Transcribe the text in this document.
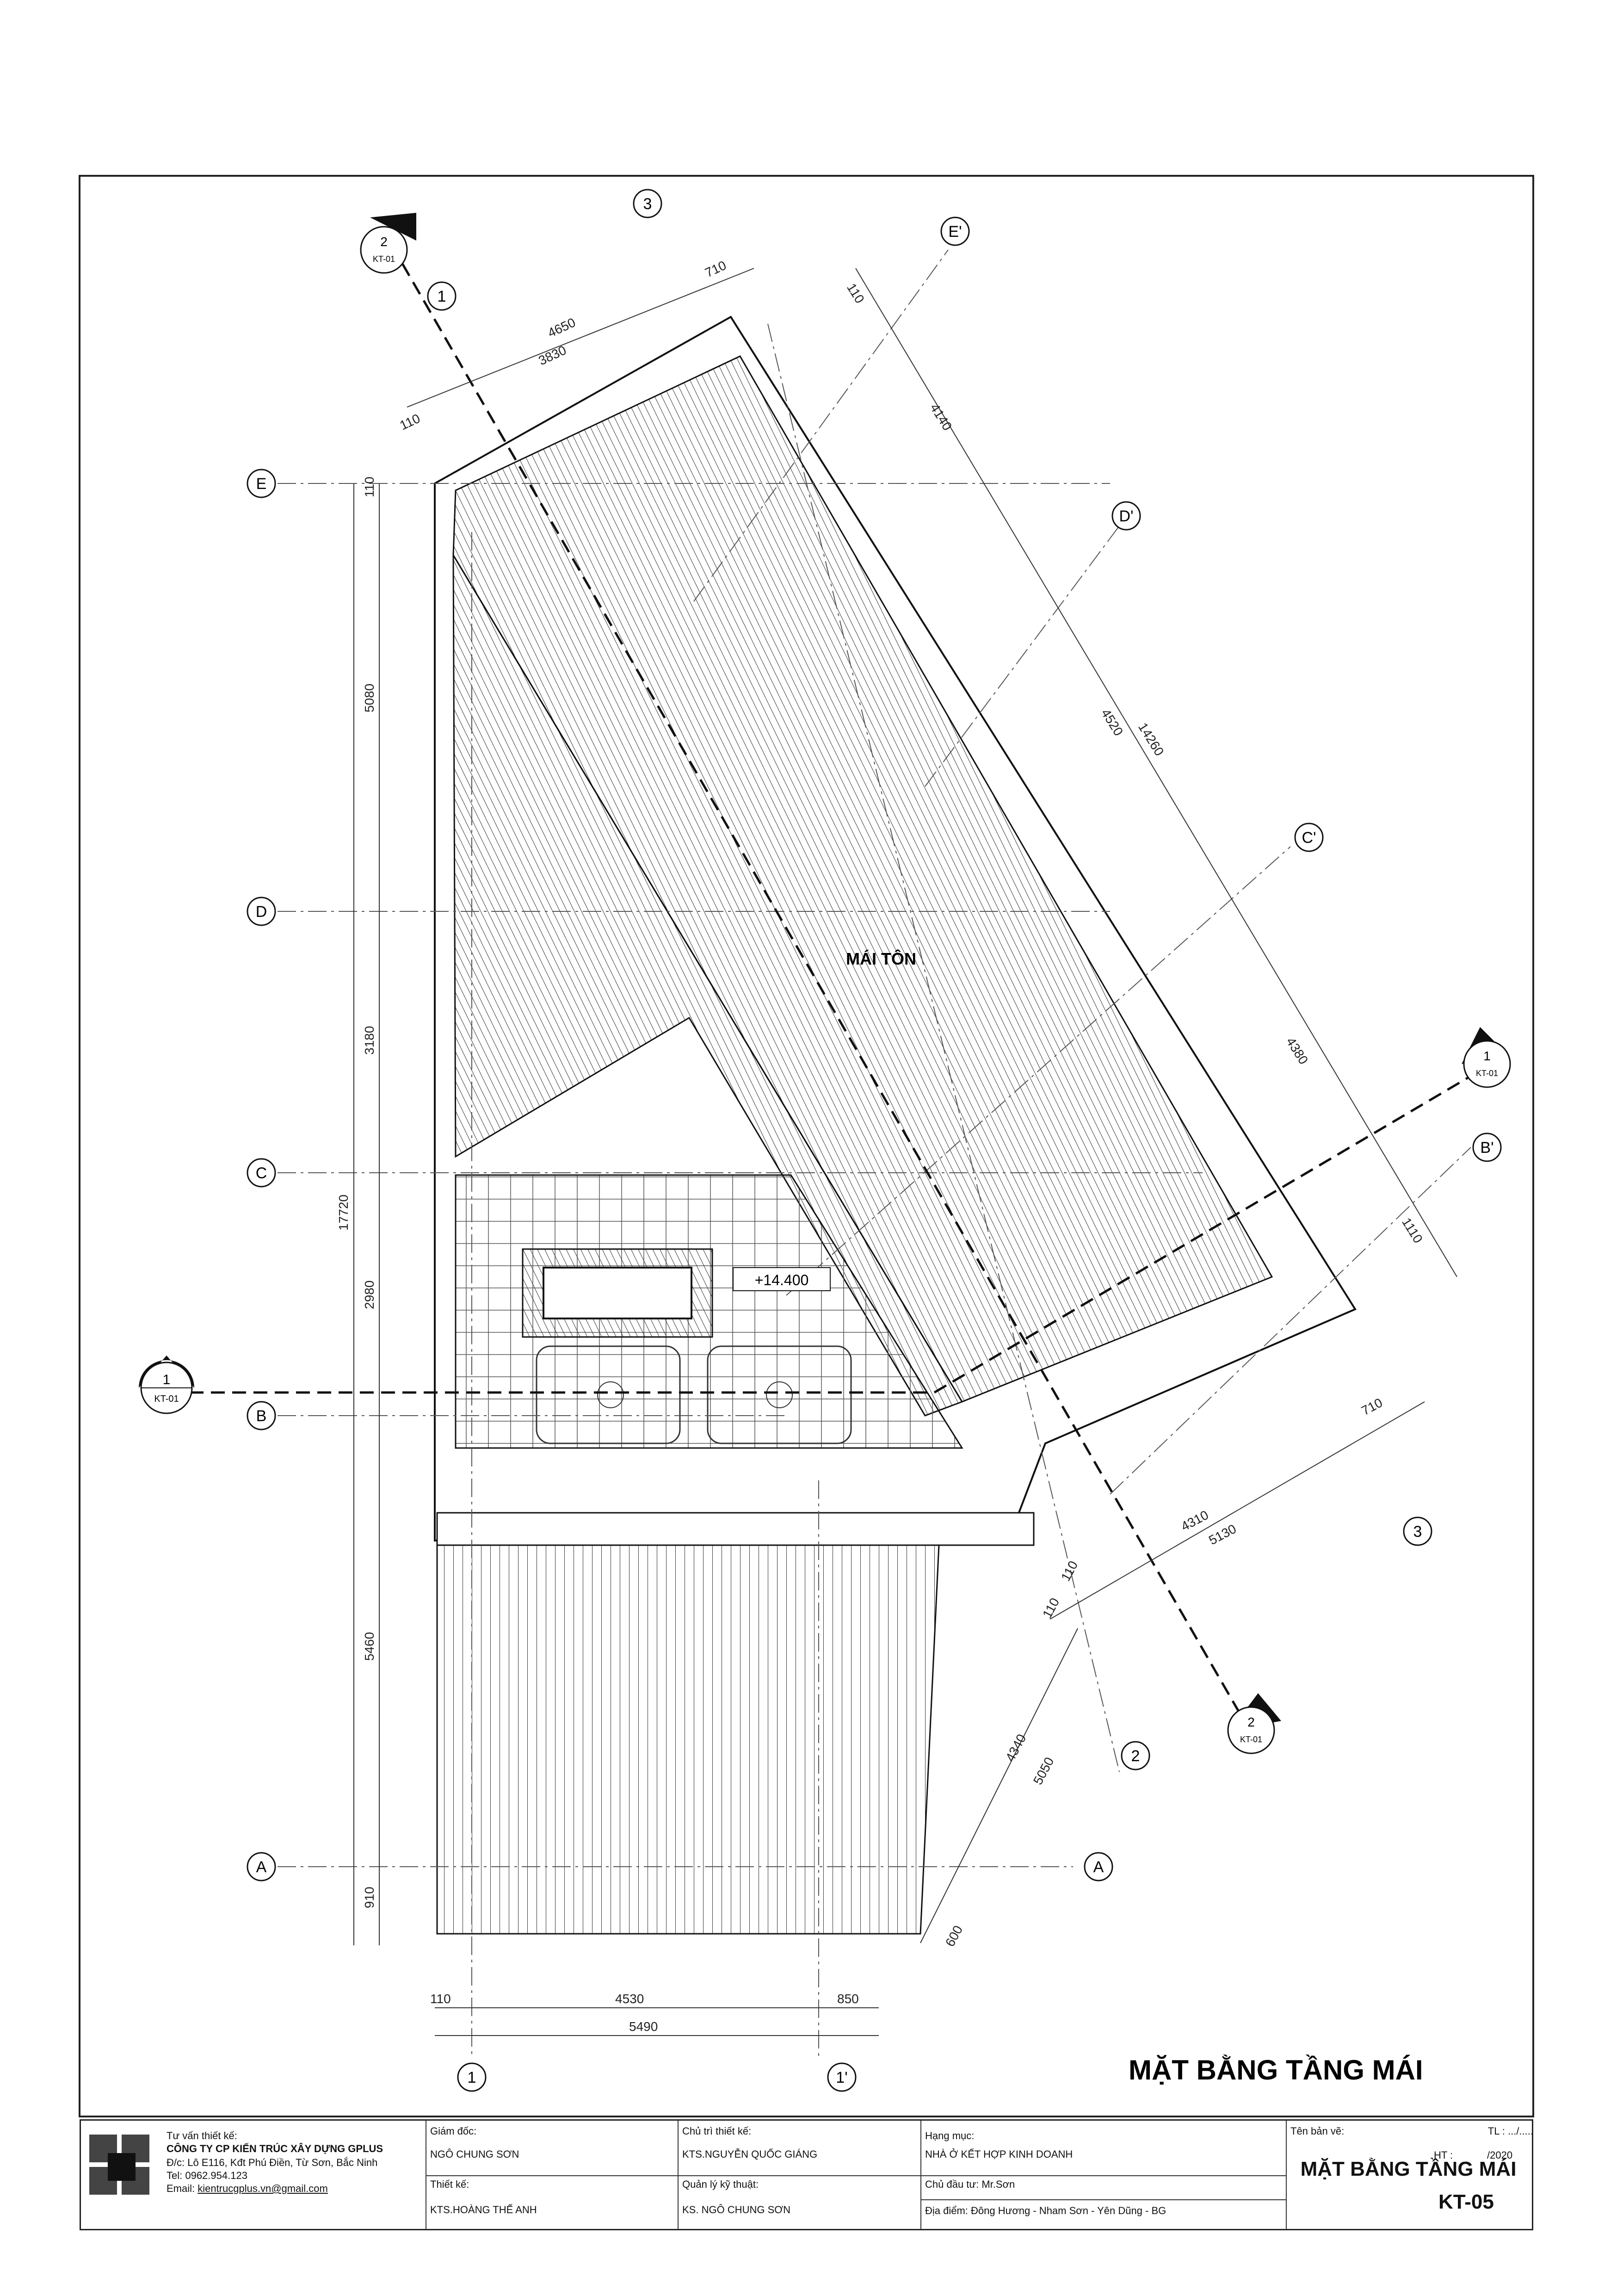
MÁI TÔN
+14.400
MẶT BẰNG TẦNG MÁI
E
D
C
B
A	A
1
1	1'
3
3
2
E'
D'
C'
B'
1
KT-01
1
KT-01
2
KT-01
2
KT-01
110
5080
3180
2980
5460
910
17720
110	4530	850
5490
110
3830
4650
710
110
4140
4520 14260
4380
1110
710
4310
5130
110
110
4340
5050
600
Tư vấn thiết kế:
CÔNG TY CP KIẾN TRÚC XÂY DỰNG GPLUS
Đ/c: Lô E116, Kđt Phú Điền, Từ Sơn, Bắc Ninh
Tel: 0962.954.123
Email: kientrucgplus.vn@gmail.com
Giám đốc:
NGÔ CHUNG SƠN
Thiết kế:
KTS.HOÀNG THẾ ANH
Chủ trì thiết kế:
KTS.NGUYỄN QUỐC GIÁNG
Quản lý kỹ thuật:
KS. NGÔ CHUNG SƠN
Hạng mục:
NHÀ Ở KẾT HỢP KINH DOANH
Chủ đầu tư: Mr.Sơn
Địa điểm: Đông Hương - Nham Sơn - Yên Dũng - BG
Tên bản vẽ:
MẶT BẰNG TẦNG MÁI
TL : .../.....
HT :	/2020
KT-05
